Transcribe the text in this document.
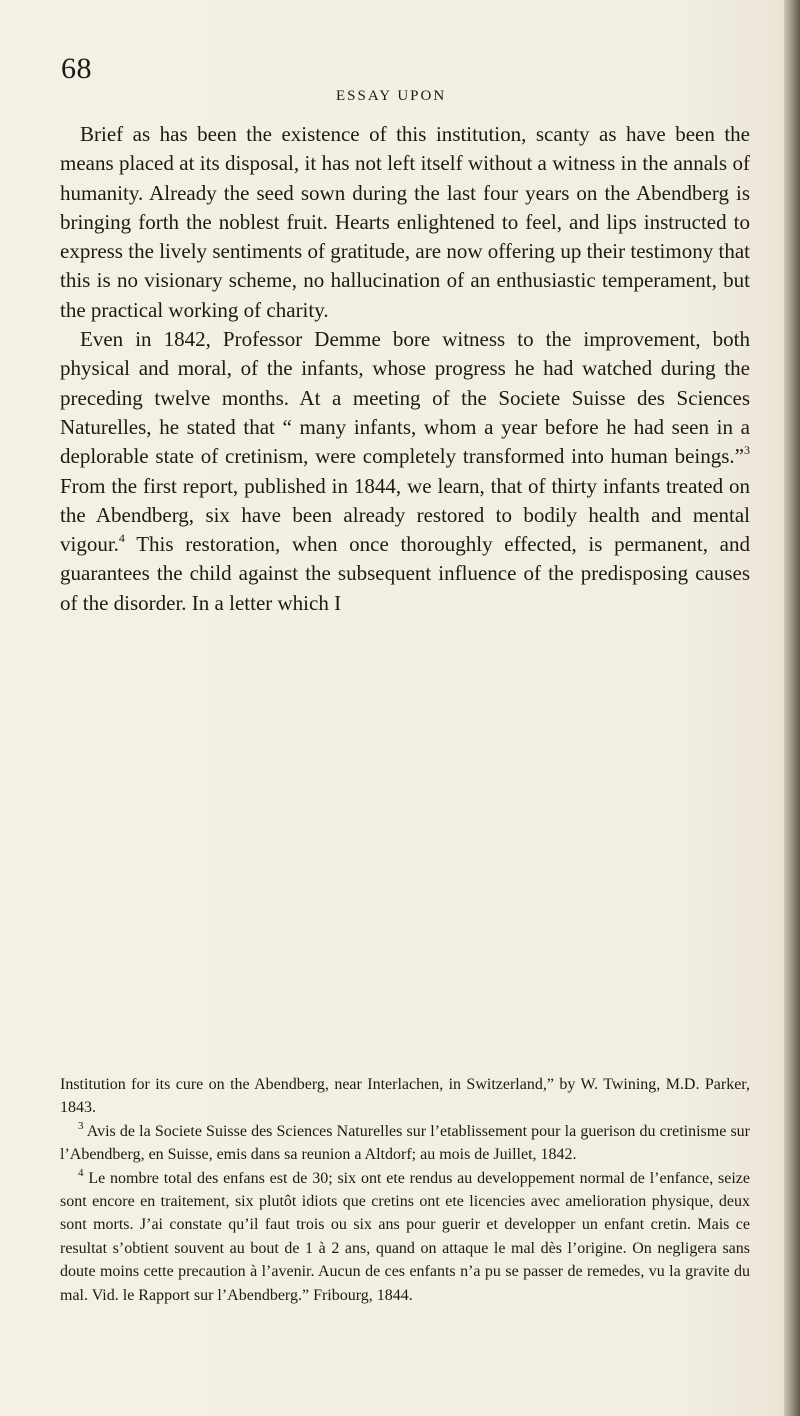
68
ESSAY UPON

Brief as has been the existence of this institution, scanty as have been the means placed at its disposal, it has not left itself without a witness in the annals of humanity. Already the seed sown during the last four years on the Abendberg is bringing forth the noblest fruit. Hearts enlightened to feel, and lips instructed to express the lively sentiments of gratitude, are now offering up their testimony that this is no visionary scheme, no hallucination of an enthusiastic temperament, but the practical working of charity.

Even in 1842, Professor Demme bore witness to the improvement, both physical and moral, of the infants, whose progress he had watched during the preceding twelve months. At a meeting of the Societe Suisse des Sciences Naturelles, he stated that “ many infants, whom a year before he had seen in a deplorable state of cretinism, were completely transformed into human beings.”$^3$ From the first report, published in 1844, we learn, that of thirty infants treated on the Abendberg, six have been already restored to bodily health and mental vigour.$^4$ This restoration, when once thoroughly effected, is permanent, and guarantees the child against the subsequent influence of the predisposing causes of the disorder. In a letter which I

Institution for its cure on the Abendberg, near Interlachen, in Switzerland,” by W. Twining, M.D. Parker, 1843.

$^3$ Avis de la Societe Suisse des Sciences Naturelles sur l’etablissement pour la guerison du cretinisme sur l’Abendberg, en Suisse, emis dans sa reunion a Altdorf; au mois de Juillet, 1842.

$^4$ Le nombre total des enfans est de 30; six ont ete rendus au developpement normal de l’enfance, seize sont encore en traitement, six plutôt idiots que cretins ont ete licencies avec amelioration physique, deux sont morts. J’ai constate qu’il faut trois ou six ans pour guerir et developper un enfant cretin. Mais ce resultat s’obtient souvent au bout de 1 à 2 ans, quand on attaque le mal dès l’origine. On negligera sans doute moins cette precaution à l’avenir. Aucun de ces enfants n’a pu se passer de remedes, vu la gravite du mal. Vid. le Rapport sur l’Abendberg.” Fribourg, 1844.
